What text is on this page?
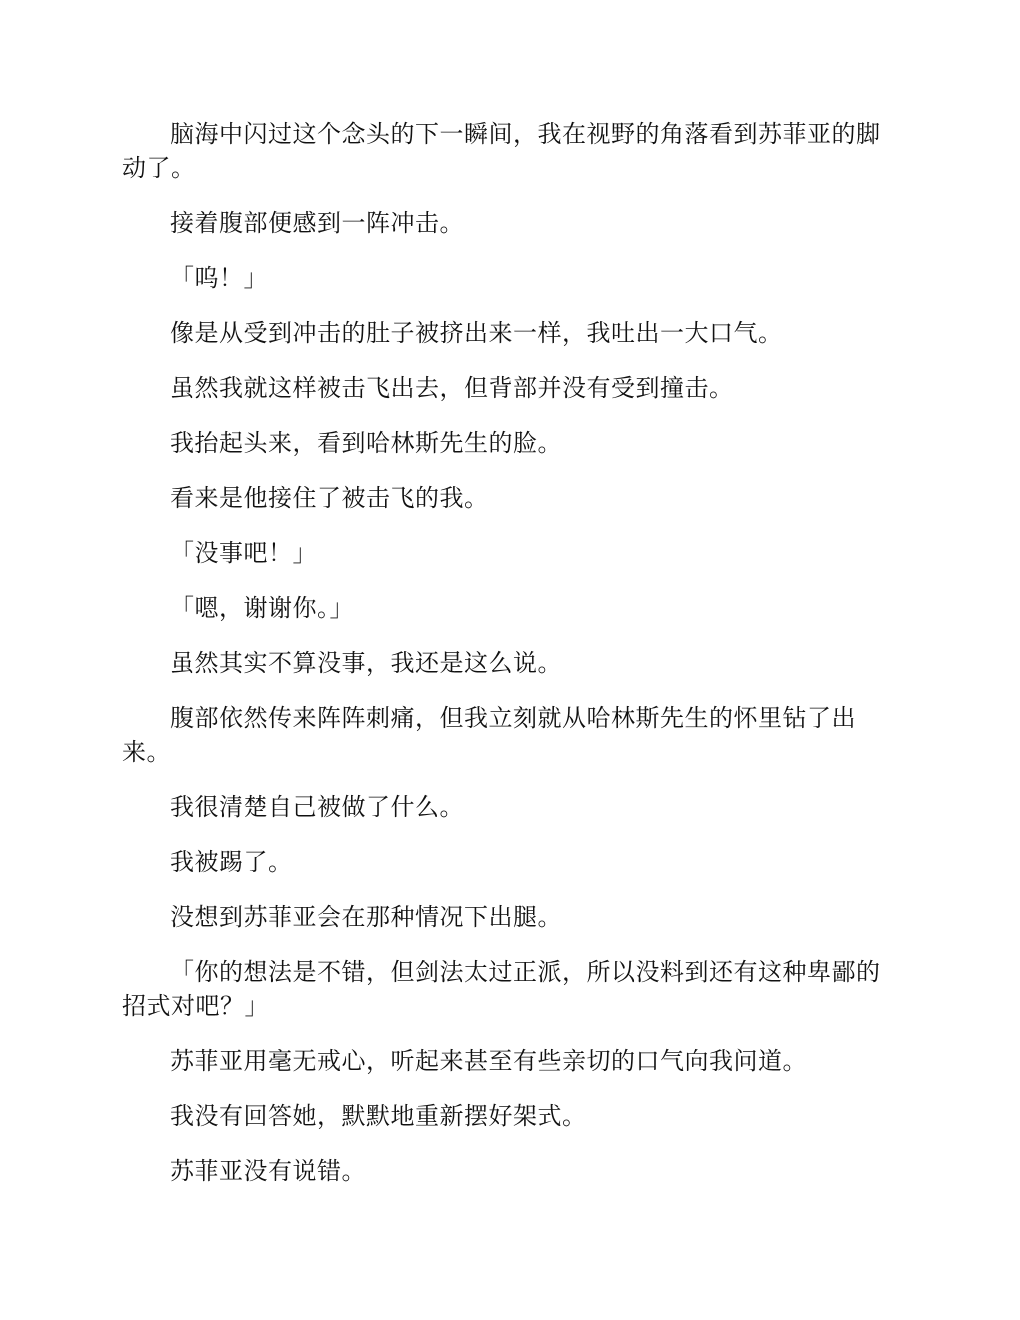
脑海中闪过这个念头的下一瞬间，我在视野的角落看到苏菲亚的脚动了。

接着腹部便感到一阵冲击。

「呜！」

像是从受到冲击的肚子被挤出来一样，我吐出一大口气。

虽然我就这样被击飞出去，但背部并没有受到撞击。

我抬起头来，看到哈林斯先生的脸。

看来是他接住了被击飞的我。

「没事吧！」

「嗯，谢谢你。」

虽然其实不算没事，我还是这么说。

腹部依然传来阵阵刺痛，但我立刻就从哈林斯先生的怀里钻了出来。

我很清楚自己被做了什么。

我被踢了。

没想到苏菲亚会在那种情况下出腿。

「你的想法是不错，但剑法太过正派，所以没料到还有这种卑鄙的招式对吧？」

苏菲亚用毫无戒心，听起来甚至有些亲切的口气向我问道。

我没有回答她，默默地重新摆好架式。

苏菲亚没有说错。
